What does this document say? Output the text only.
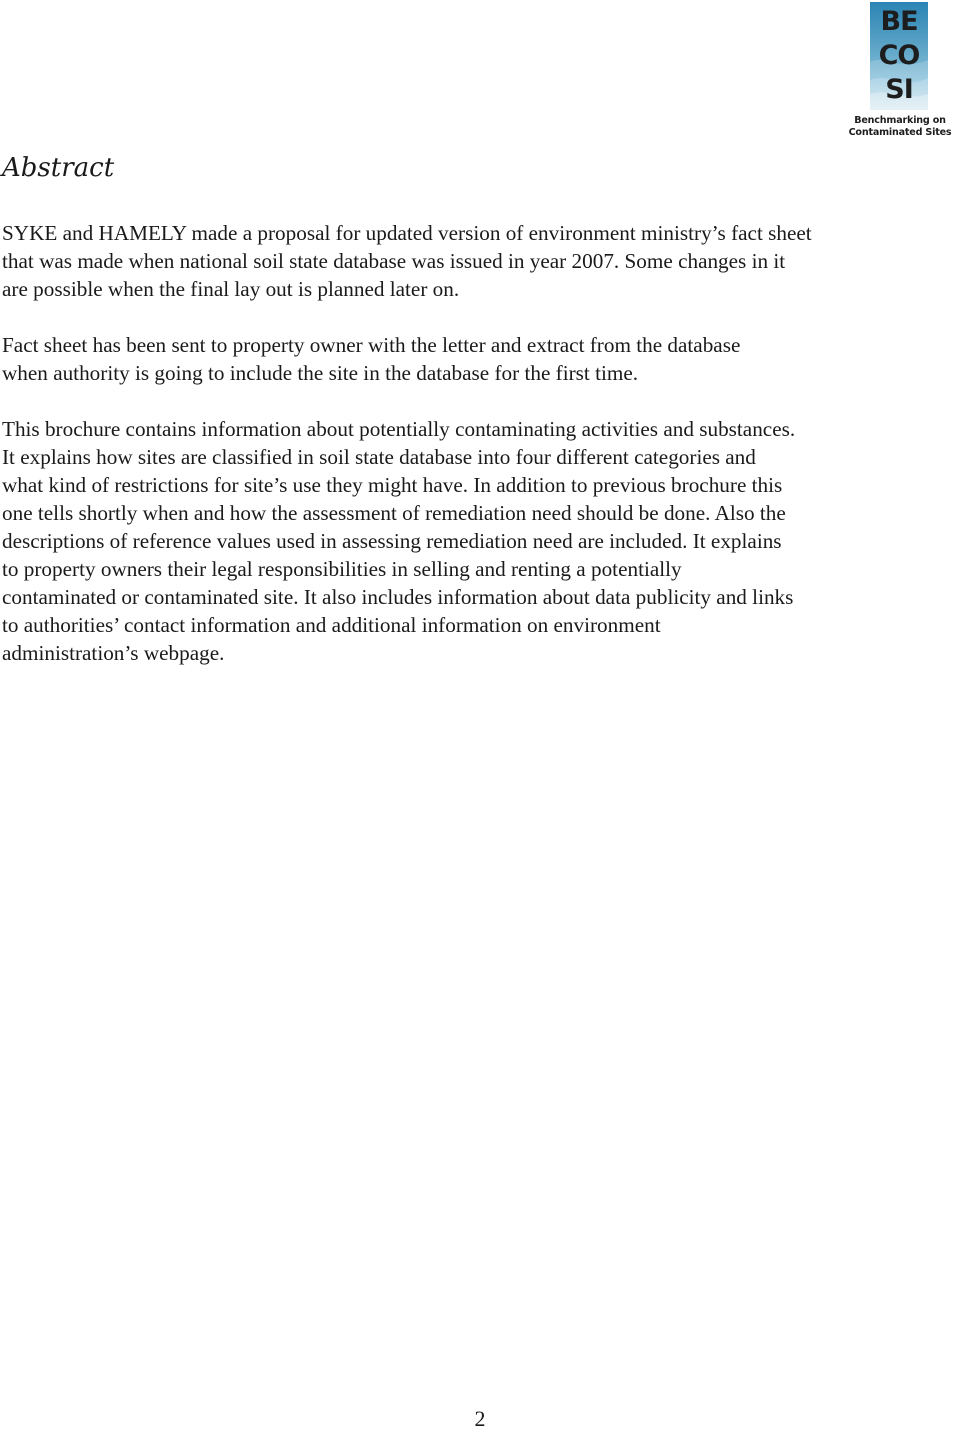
BE
CO
SI
Benchmarking on
Contaminated Sites
Abstract

SYKE and HAMELY made a proposal for updated version of environment ministry’s fact sheet
that was made when national soil state database was issued in year 2007. Some changes in it
are possible when the final lay out is planned later on.

Fact sheet has been sent to property owner with the letter and extract from the database
when authority is going to include the site in the database for the first time.

This brochure contains information about potentially contaminating activities and substances.
It explains how sites are classified in soil state database into four different categories and
what kind of restrictions for site’s use they might have. In addition to previous brochure this
one tells shortly when and how the assessment of remediation need should be done. Also the
descriptions of reference values used in assessing remediation need are included. It explains
to property owners their legal responsibilities in selling and renting a potentially
contaminated or contaminated site. It also includes information about data publicity and links
to authorities’ contact information and additional information on environment
administration’s webpage.

2
